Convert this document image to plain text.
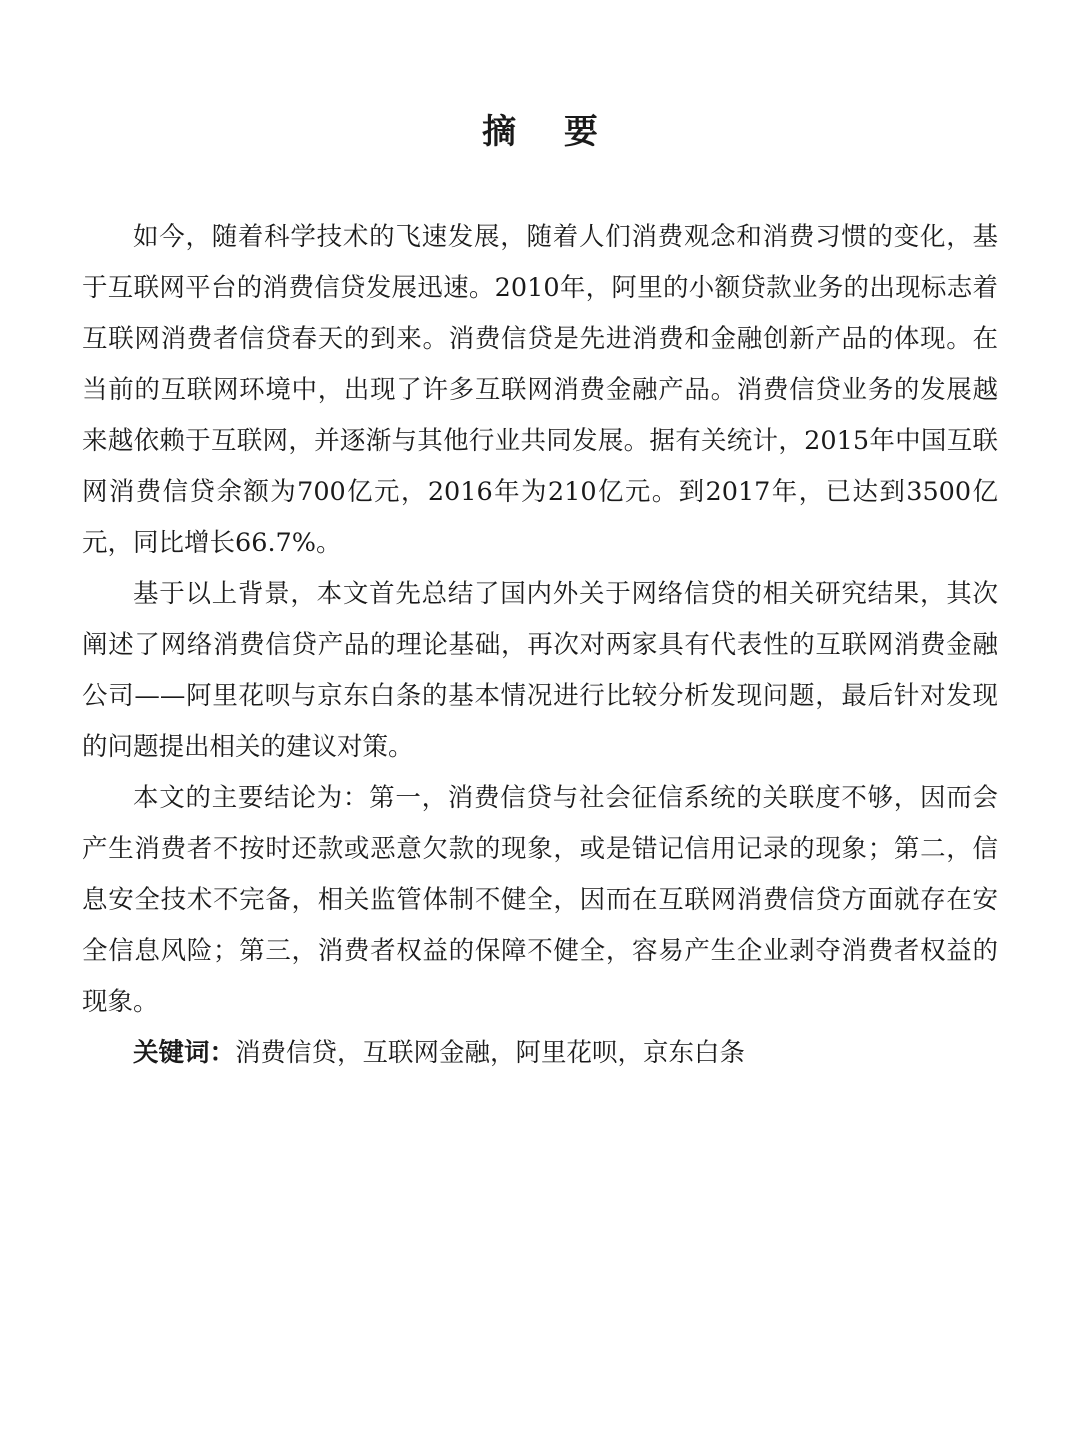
摘 要

如今，随着科学技术的飞速发展，随着人们消费观念和消费习惯的变化，基于互联网平台的消费信贷发展迅速。2010年，阿里的小额贷款业务的出现标志着互联网消费者信贷春天的到来。消费信贷是先进消费和金融创新产品的体现。在当前的互联网环境中，出现了许多互联网消费金融产品。消费信贷业务的发展越来越依赖于互联网，并逐渐与其他行业共同发展。据有关统计，2015年中国互联网消费信贷余额为700亿元，2016年为210亿元。到2017年，已达到3500亿元，同比增长66.7%。

基于以上背景，本文首先总结了国内外关于网络信贷的相关研究结果，其次阐述了网络消费信贷产品的理论基础，再次对两家具有代表性的互联网消费金融公司——阿里花呗与京东白条的基本情况进行比较分析发现问题，最后针对发现的问题提出相关的建议对策。

本文的主要结论为：第一，消费信贷与社会征信系统的关联度不够，因而会产生消费者不按时还款或恶意欠款的现象，或是错记信用记录的现象；第二，信息安全技术不完备，相关监管体制不健全，因而在互联网消费信贷方面就存在安全信息风险；第三，消费者权益的保障不健全，容易产生企业剥夺消费者权益的现象。

关键词：消费信贷，互联网金融，阿里花呗，京东白条
